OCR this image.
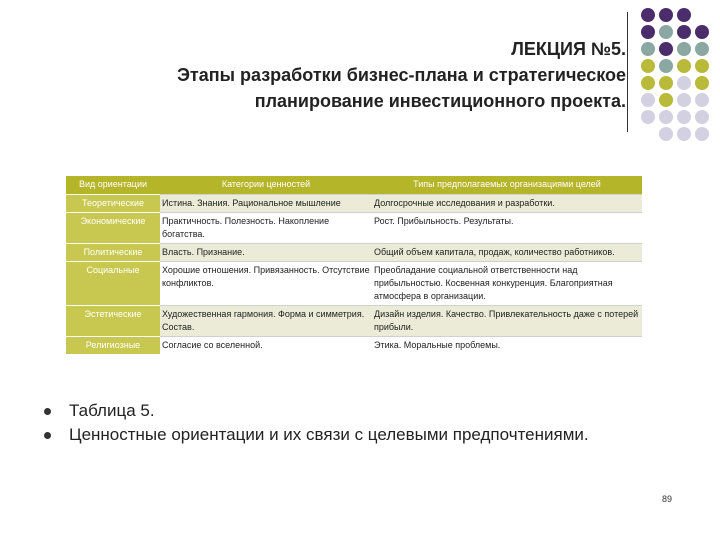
ЛЕКЦИЯ №5.
Этапы разработки бизнес-плана и стратегическое
планирование инвестиционного проекта.
Вид ориентации	Категории ценностей	Типы предполагаемых организациями целей
Теоретические	Истина. Знания. Рациональное мышление	Долгосрочные исследования и разработки.
Экономические	Практичность. Полезность. Накопление богатства.	Рост. Прибыльность. Результаты.
Политические	Власть. Признание.	Общий объем капитала, продаж, количество работников.
Социальные	Хорошие отношения. Привязанность. Отсутствие конфликтов.	Преобладание социальной ответственности над прибыльностью. Косвенная конкуренция. Благоприятная атмосфера в организации.
Эстетические	Художественная гармония. Форма и симметрия. Состав.	Дизайн изделия. Качество. Привлекательность даже с потерей прибыли.
Религиозные	Согласие со вселенной.	Этика. Моральные проблемы.
Таблица 5.
Ценностные ориентации и их связи с целевыми предпочтениями.
89
